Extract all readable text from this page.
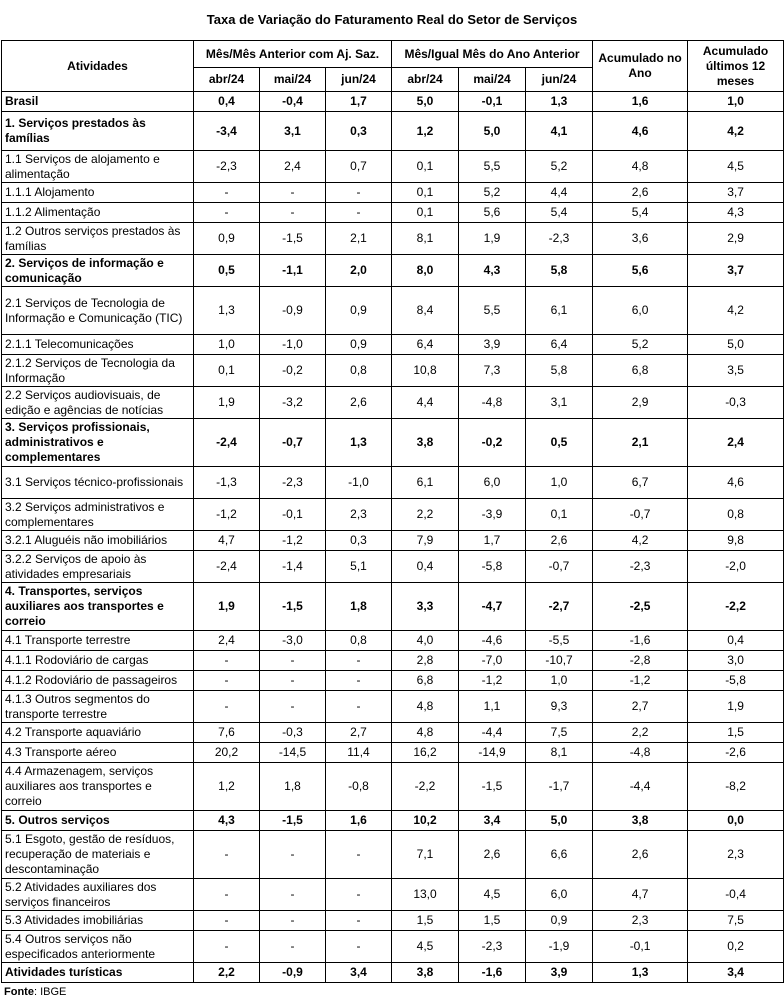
Taxa de Variação do Faturamento Real do Setor de Serviços
Atividades	Mês/Mês Anterior com Aj. Saz.			Mês/Igual Mês do Ano Anterior			Acumulado no Ano	Acumulado últimos 12 meses
	abr/24	mai/24	jun/24	abr/24	mai/24	jun/24		
Brasil	0,4	-0,4	1,7	5,0	-0,1	1,3	1,6	1,0
1. Serviços prestados às famílias	-3,4	3,1	0,3	1,2	5,0	4,1	4,6	4,2
1.1 Serviços de alojamento e alimentação	-2,3	2,4	0,7	0,1	5,5	5,2	4,8	4,5
1.1.1 Alojamento	-	-	-	0,1	5,2	4,4	2,6	3,7
1.1.2 Alimentação	-	-	-	0,1	5,6	5,4	5,4	4,3
1.2 Outros serviços prestados às famílias	0,9	-1,5	2,1	8,1	1,9	-2,3	3,6	2,9
2. Serviços de informação e comunicação	0,5	-1,1	2,0	8,0	4,3	5,8	5,6	3,7
2.1 Serviços de Tecnologia de Informação e Comunicação (TIC)	1,3	-0,9	0,9	8,4	5,5	6,1	6,0	4,2
2.1.1 Telecomunicações	1,0	-1,0	0,9	6,4	3,9	6,4	5,2	5,0
2.1.2 Serviços de Tecnologia da Informação	0,1	-0,2	0,8	10,8	7,3	5,8	6,8	3,5
2.2 Serviços audiovisuais, de edição e agências de notícias	1,9	-3,2	2,6	4,4	-4,8	3,1	2,9	-0,3
3. Serviços profissionais, administrativos e complementares	-2,4	-0,7	1,3	3,8	-0,2	0,5	2,1	2,4
3.1 Serviços técnico-profissionais	-1,3	-2,3	-1,0	6,1	6,0	1,0	6,7	4,6
3.2 Serviços administrativos e complementares	-1,2	-0,1	2,3	2,2	-3,9	0,1	-0,7	0,8
3.2.1 Aluguéis não imobiliários	4,7	-1,2	0,3	7,9	1,7	2,6	4,2	9,8
3.2.2 Serviços de apoio às atividades empresariais	-2,4	-1,4	5,1	0,4	-5,8	-0,7	-2,3	-2,0
4. Transportes, serviços auxiliares aos transportes e correio	1,9	-1,5	1,8	3,3	-4,7	-2,7	-2,5	-2,2
4.1 Transporte terrestre	2,4	-3,0	0,8	4,0	-4,6	-5,5	-1,6	0,4
4.1.1 Rodoviário de cargas	-	-	-	2,8	-7,0	-10,7	-2,8	3,0
4.1.2 Rodoviário de passageiros	-	-	-	6,8	-1,2	1,0	-1,2	-5,8
4.1.3 Outros segmentos do transporte terrestre	-	-	-	4,8	1,1	9,3	2,7	1,9
4.2 Transporte aquaviário	7,6	-0,3	2,7	4,8	-4,4	7,5	2,2	1,5
4.3 Transporte aéreo	20,2	-14,5	11,4	16,2	-14,9	8,1	-4,8	-2,6
4.4 Armazenagem, serviços auxiliares aos transportes e correio	1,2	1,8	-0,8	-2,2	-1,5	-1,7	-4,4	-8,2
5. Outros serviços	4,3	-1,5	1,6	10,2	3,4	5,0	3,8	0,0
5.1 Esgoto, gestão de resíduos, recuperação de materiais e descontaminação	-	-	-	7,1	2,6	6,6	2,6	2,3
5.2 Atividades auxiliares dos serviços financeiros	-	-	-	13,0	4,5	6,0	4,7	-0,4
5.3 Atividades imobiliárias	-	-	-	1,5	1,5	0,9	2,3	7,5
5.4 Outros serviços não especificados anteriormente	-	-	-	4,5	-2,3	-1,9	-0,1	0,2
Atividades turísticas	2,2	-0,9	3,4	3,8	-1,6	3,9	1,3	3,4
Fonte: IBGE
